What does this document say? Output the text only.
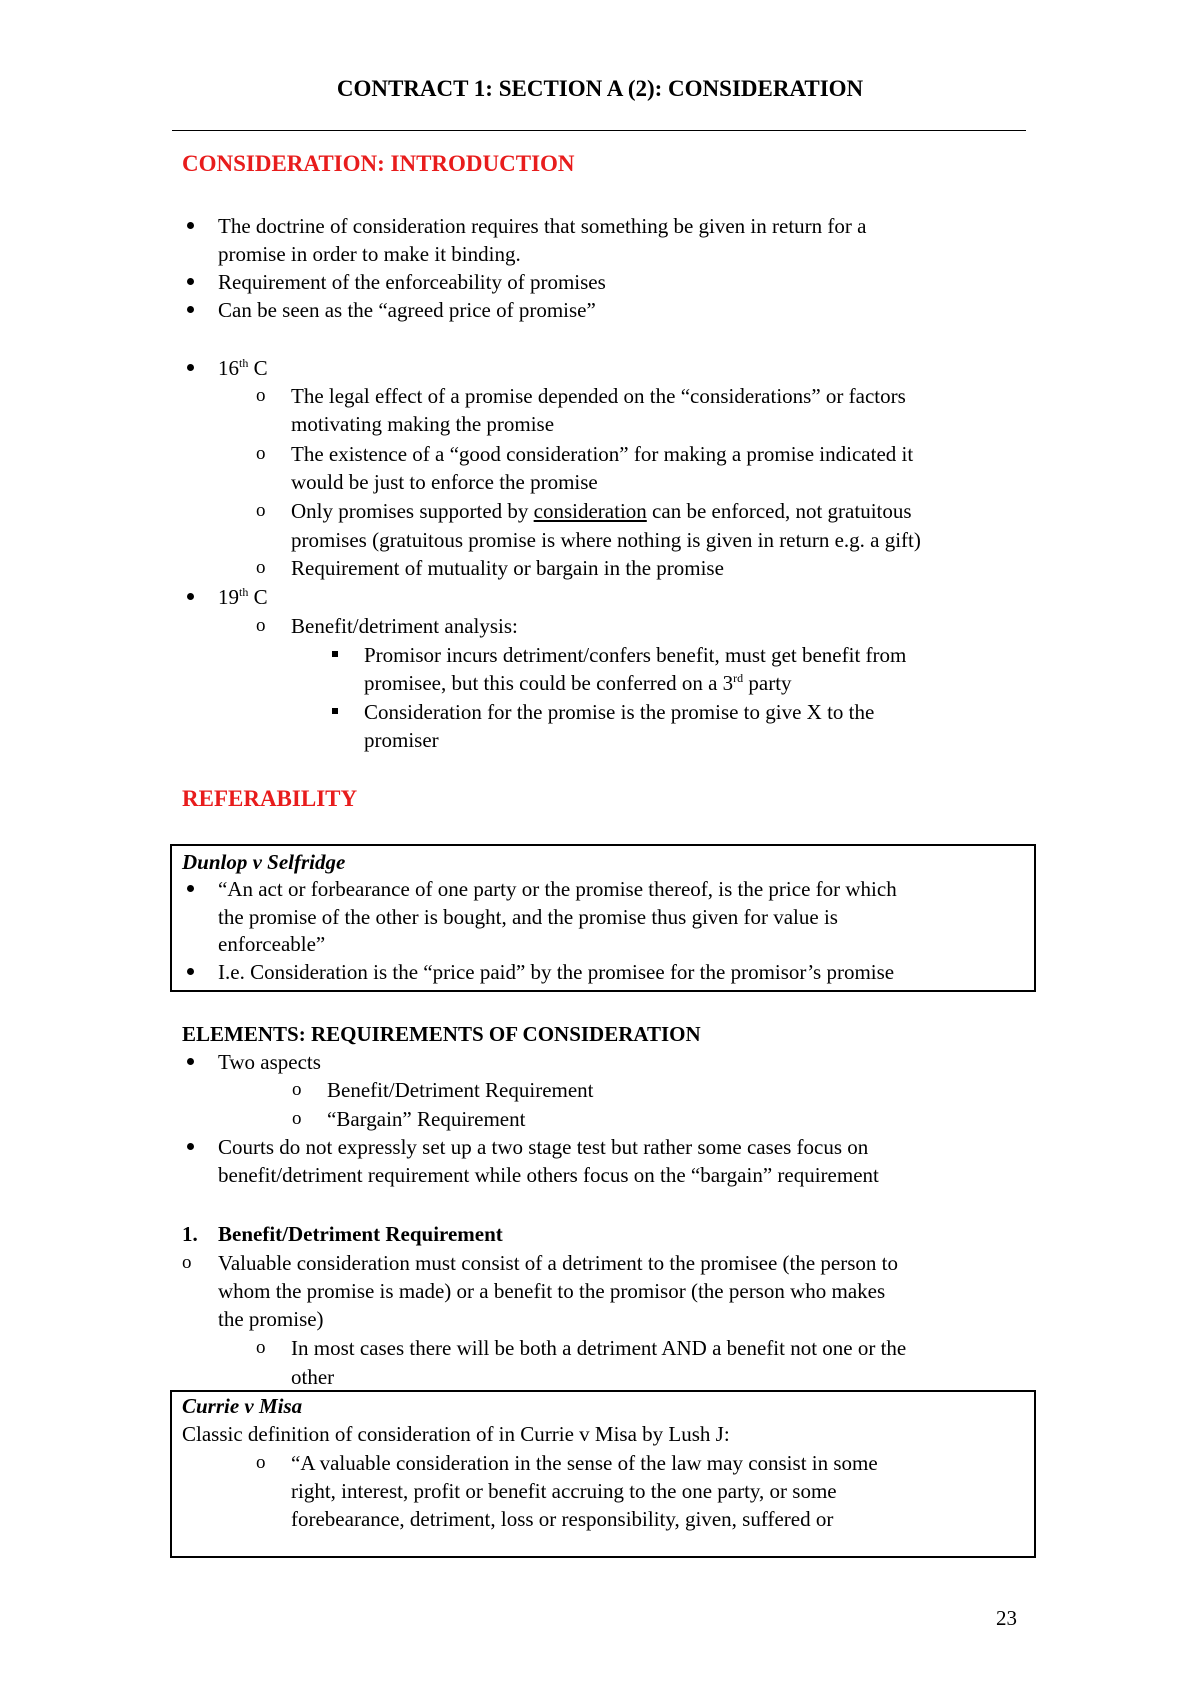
CONTRACT 1: SECTION A (2): CONSIDERATION
CONSIDERATION: INTRODUCTION
The doctrine of consideration requires that something be given in return for a
promise in order to make it binding.
Requirement of the enforceability of promises
Can be seen as the “agreed price of promise”
16th C
o The legal effect of a promise depended on the “considerations” or factors
motivating making the promise
o The existence of a “good consideration” for making a promise indicated it
would be just to enforce the promise
o Only promises supported by consideration can be enforced, not gratuitous
promises (gratuitous promise is where nothing is given in return e.g. a gift)
o Requirement of mutuality or bargain in the promise
19th C
o Benefit/detriment analysis:
Promisor incurs detriment/confers benefit, must get benefit from
promisee, but this could be conferred on a 3rd party
Consideration for the promise is the promise to give X to the
promiser
REFERABILITY
Dunlop v Selfridge
“An act or forbearance of one party or the promise thereof, is the price for which
the promise of the other is bought, and the promise thus given for value is
enforceable”
I.e. Consideration is the “price paid” by the promisee for the promisor’s promise
ELEMENTS: REQUIREMENTS OF CONSIDERATION
Two aspects
o Benefit/Detriment Requirement
o “Bargain” Requirement
Courts do not expressly set up a two stage test but rather some cases focus on
benefit/detriment requirement while others focus on the “bargain” requirement
1. Benefit/Detriment Requirement
o Valuable consideration must consist of a detriment to the promisee (the person to
whom the promise is made) or a benefit to the promisor (the person who makes
the promise)
o In most cases there will be both a detriment AND a benefit not one or the
other
Currie v Misa
Classic definition of consideration of in Currie v Misa by Lush J:
o “A valuable consideration in the sense of the law may consist in some
right, interest, profit or benefit accruing to the one party, or some
forebearance, detriment, loss or responsibility, given, suffered or
23
